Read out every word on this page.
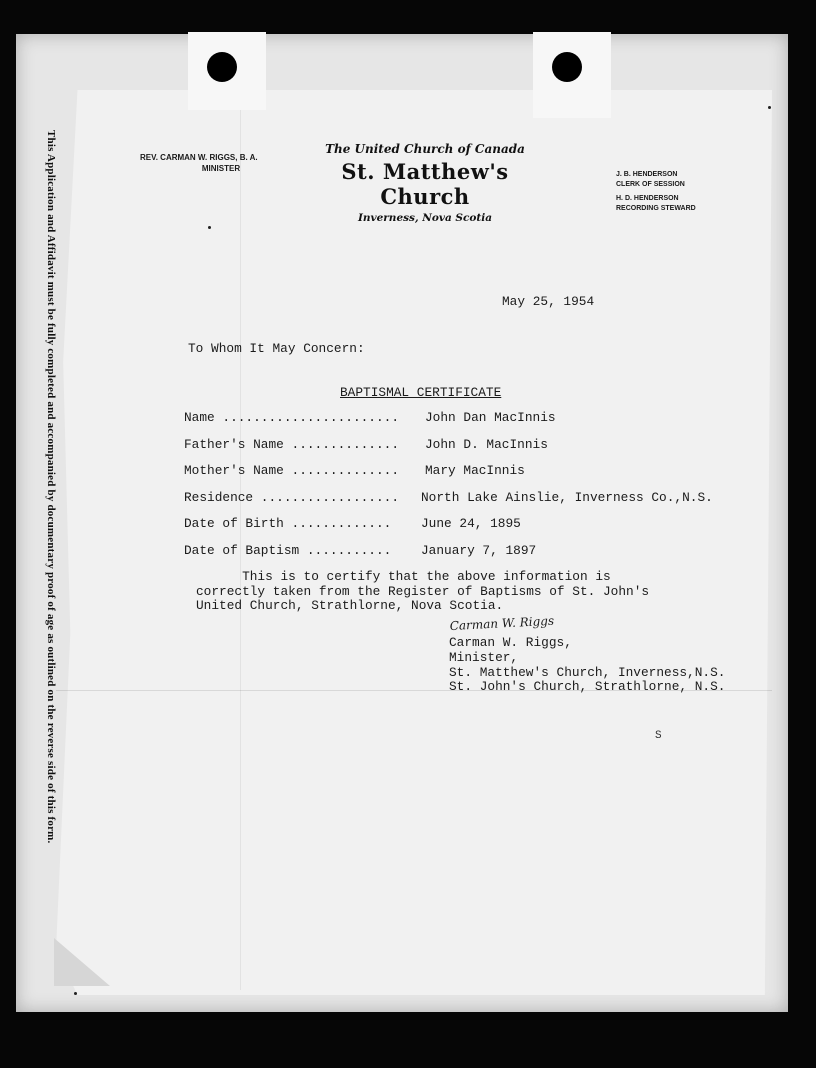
This Application and Affidavit must be fully completed and accompanied by documentary proof of age as outlined on the reverse side of this form.	REV. CARMAN W. RIGGS, B. A.
MINISTER
The United Church of Canada
St. Matthew's Church
Inverness, Nova Scotia
J. B. HENDERSON
CLERK OF SESSION
H. D. HENDERSON
RECORDING STEWARD
May 25, 1954
To Whom It May Concern:
BAPTISMAL CERTIFICATE
Name ....................... John Dan MacInnis
Father's Name .............. John D. MacInnis
Mother's Name .............. Mary MacInnis
Residence .................. North Lake Ainslie, Inverness Co.,N.S.
Date of Birth ............. June 24, 1895
Date of Baptism ........... January 7, 1897
This is to certify that the above information is
correctly taken from the Register of Baptisms of St. John's
United Church, Strathlorne, Nova Scotia.
Carman W. Riggs
Carman W. Riggs,
Minister,
St. Matthew's Church, Inverness,N.S.
St. John's Church, Strathlorne, N.S.
S
